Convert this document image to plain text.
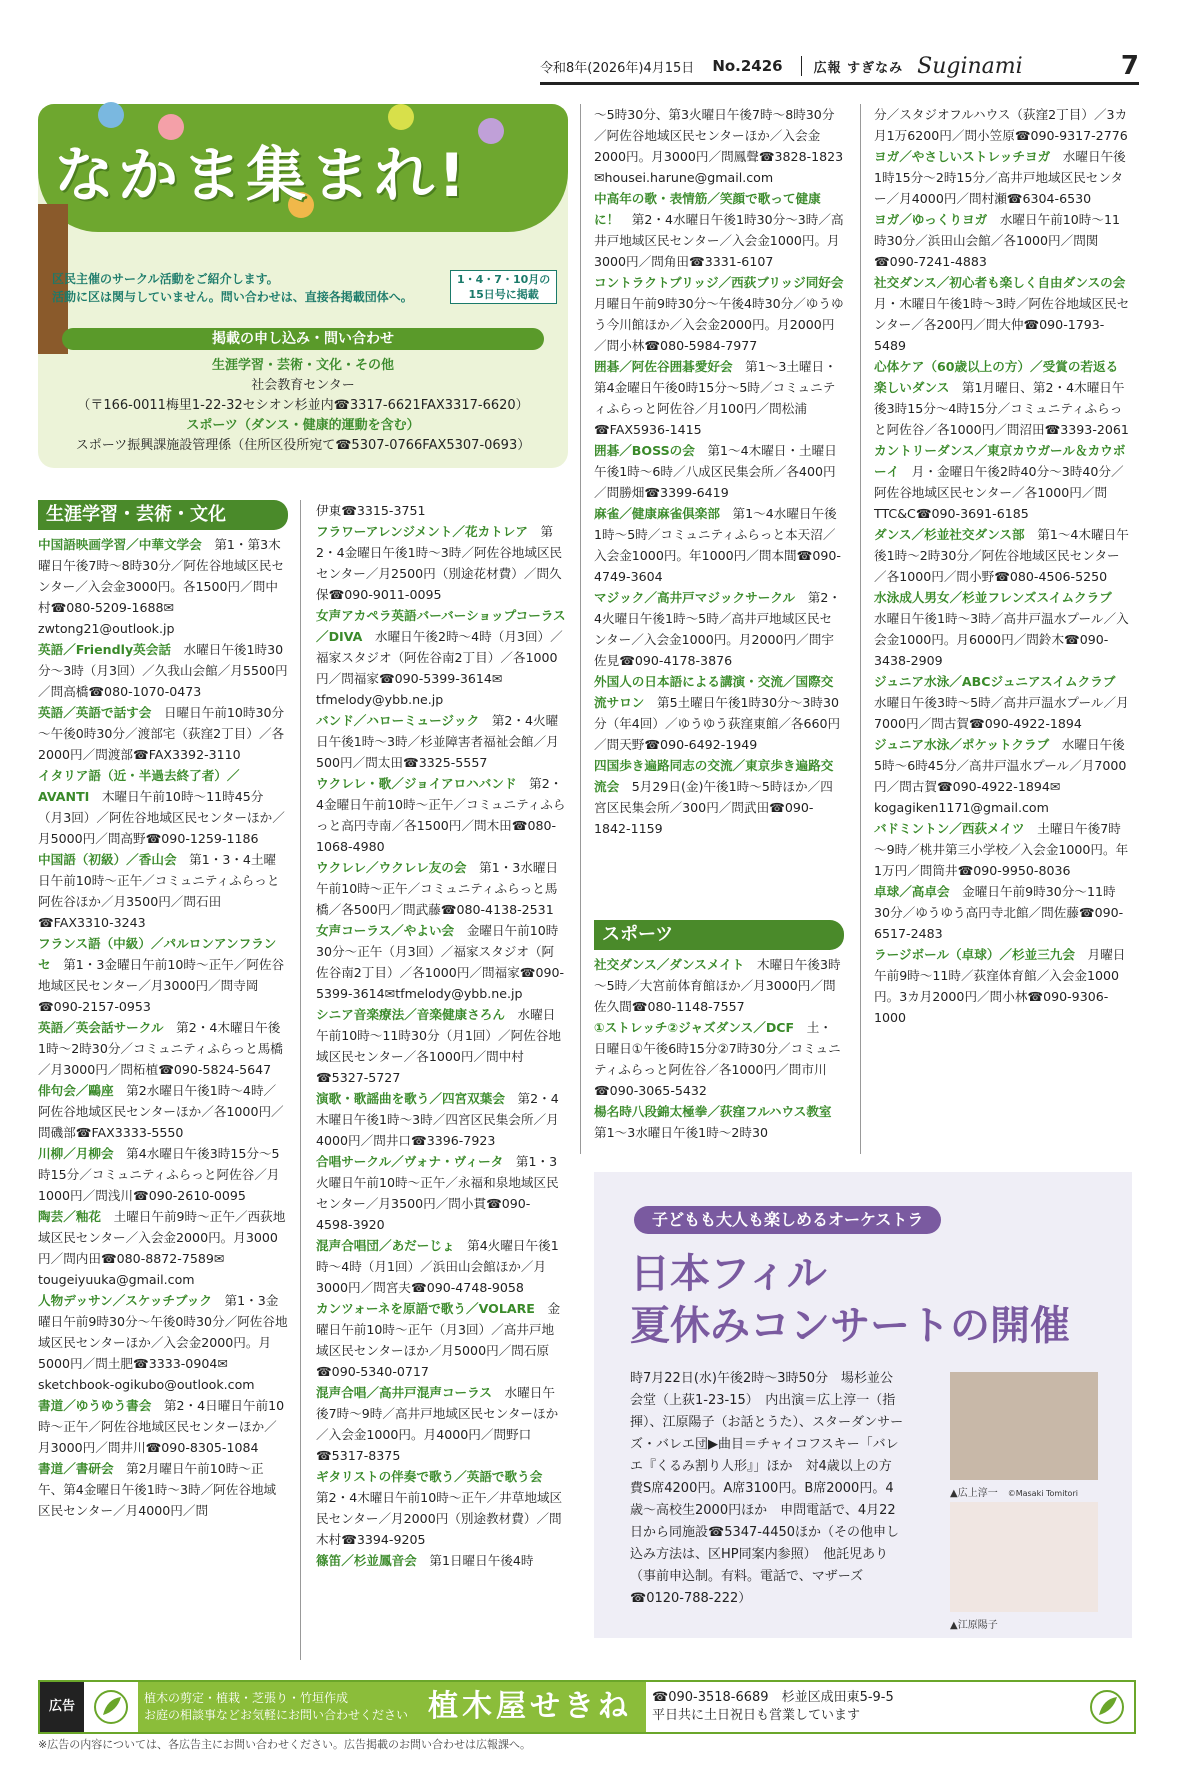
令和8年(2026年)4月15日 No.2426 広報 すぎなみ Suginami	7
なかま集まれ!
区民主催のサークル活動をご紹介します。
活動に区は関与していません。問い合わせは、直接各掲載団体へ。
1・4・7・10月の
15日号に掲載
掲載の申し込み・問い合わせ
生涯学習・芸術・文化・その他
社会教育センター
（〒166-0011梅里1-22-32セシオン杉並内☎3317-6621FAX3317-6620）
スポーツ（ダンス・健康的運動を含む）
スポーツ振興課施設管理係（住所区役所宛て☎5307-0766FAX5307-0693）
生涯学習・芸術・文化
中国語映画学習／中華文学会　第1・第3木曜日午後7時～8時30分／阿佐谷地域区民センター／入会金3000円。各1500円／問中村☎080-5209-1688✉zwtong21@outlook.jp
英語／Friendly英会話　水曜日午後1時30分～3時（月3回）／久我山会館／月5500円／問高橋☎080-1070-0473
英語／英語で話す会　日曜日午前10時30分～午後0時30分／渡部宅（荻窪2丁目）／各2000円／問渡部☎FAX3392-3110
イタリア語（近・半過去終了者）／AVANTI　木曜日午前10時～11時45分（月3回）／阿佐谷地域区民センターほか／月5000円／問高野☎090-1259-1186
中国語（初級）／香山会　第1・3・4土曜日午前10時～正午／コミュニティふらっと阿佐谷ほか／月3500円／問石田☎FAX3310-3243
フランス語（中級）／パルロンアンフランセ　第1・3金曜日午前10時～正午／阿佐谷地域区民センター／月3000円／問寺岡☎090-2157-0953
英語／英会話サークル　第2・4木曜日午後1時～2時30分／コミュニティふらっと馬橋／月3000円／問柘植☎090-5824-5647
俳句会／鷗座　第2水曜日午後1時～4時／阿佐谷地域区民センターほか／各1000円／問磯部☎FAX3333-5550
川柳／月柳会　第4水曜日午後3時15分～5時15分／コミュニティふらっと阿佐谷／月1000円／問浅川☎090-2610-0095
陶芸／釉花　土曜日午前9時～正午／西荻地域区民センター／入会金2000円。月3000円／問内田☎080-8872-7589✉tougeiyuuka@gmail.com
人物デッサン／スケッチブック　第1・3金曜日午前9時30分～午後0時30分／阿佐谷地域区民センターほか／入会金2000円。月5000円／問土肥☎3333-0904✉sketchbook-ogikubo@outlook.com
書道／ゆうゆう書会　第2・4日曜日午前10時～正午／阿佐谷地域区民センターほか／月3000円／問井川☎090-8305-1084
書道／書研会　第2月曜日午前10時～正午、第4金曜日午後1時～3時／阿佐谷地域区民センター／月4000円／問
伊東☎3315-3751
フラワーアレンジメント／花カトレア　第2・4金曜日午後1時～3時／阿佐谷地域区民センター／月2500円（別途花材費）／問久保☎090-9011-0095
女声アカペラ英語バーバーショップコーラス／DIVA　水曜日午後2時～4時（月3回）／福家スタジオ（阿佐谷南2丁目）／各1000円／問福家☎090-5399-3614✉tfmelody@ybb.ne.jp
バンド／ハローミュージック　第2・4火曜日午後1時～3時／杉並障害者福祉会館／月500円／問太田☎3325-5557
ウクレレ・歌／ジョイアロハバンド　第2・4金曜日午前10時～正午／コミュニティふらっと高円寺南／各1500円／問木田☎080-1068-4980
ウクレレ／ウクレレ友の会　第1・3水曜日午前10時～正午／コミュニティふらっと馬橋／各500円／問武藤☎080-4138-2531
女声コーラス／やよい会　金曜日午前10時30分～正午（月3回）／福家スタジオ（阿佐谷南2丁目）／各1000円／問福家☎090-5399-3614✉tfmelody@ybb.ne.jp
シニア音楽療法／音楽健康さろん　水曜日午前10時～11時30分（月1回）／阿佐谷地域区民センター／各1000円／問中村☎5327-5727
演歌・歌謡曲を歌う／四宮双葉会　第2・4木曜日午後1時～3時／四宮区民集会所／月4000円／問井口☎3396-7923
合唱サークル／ヴォナ・ヴィータ　第1・3火曜日午前10時～正午／永福和泉地域区民センター／月3500円／問小貫☎090-4598-3920
混声合唱団／あだーじょ　第4火曜日午後1時～4時（月1回）／浜田山会館ほか／月3000円／問宮夫☎090-4748-9058
カンツォーネを原語で歌う／VOLARE　金曜日午前10時～正午（月3回）／高井戸地域区民センターほか／月5000円／問石原☎090-5340-0717
混声合唱／高井戸混声コーラス　水曜日午後7時～9時／高井戸地域区民センターほか／入会金1000円。月4000円／問野口☎5317-8375
ギタリストの伴奏で歌う／英語で歌う会　第2・4木曜日午前10時～正午／井草地域区民センター／月2000円（別途教材費）／問木村☎3394-9205
篠笛／杉並鳳音会　第1日曜日午後4時
～5時30分、第3火曜日午後7時～8時30分／阿佐谷地域区民センターほか／入会金2000円。月3000円／問鳳聲☎3828-1823✉housei.harune@gmail.com
中高年の歌・表情筋／笑顔で歌って健康に！　第2・4水曜日午後1時30分～3時／高井戸地域区民センター／入会金1000円。月3000円／問角田☎3331-6107
コントラクトブリッジ／西荻ブリッジ同好会　月曜日午前9時30分～午後4時30分／ゆうゆう今川館ほか／入会金2000円。月2000円／問小林☎080-5984-7977
囲碁／阿佐谷囲碁愛好会　第1～3土曜日・第4金曜日午後0時15分～5時／コミュニティふらっと阿佐谷／月100円／問松浦☎FAX5936-1415
囲碁／BOSSの会　第1～4木曜日・土曜日午後1時～6時／八成区民集会所／各400円／問勝畑☎3399-6419
麻雀／健康麻雀倶楽部　第1～4水曜日午後1時～5時／コミュニティふらっと本天沼／入会金1000円。年1000円／問本間☎090-4749-3604
マジック／高井戸マジックサークル　第2・4火曜日午後1時～5時／高井戸地域区民センター／入会金1000円。月2000円／問宇佐見☎090-4178-3876
外国人の日本語による講演・交流／国際交流サロン　第5土曜日午後1時30分～3時30分（年4回）／ゆうゆう荻窪東館／各660円／問天野☎090-6492-1949
四国歩き遍路同志の交流／東京歩き遍路交流会　5月29日(金)午後1時～5時ほか／四宮区民集会所／300円／問武田☎090-1842-1159
スポーツ
社交ダンス／ダンスメイト　木曜日午後3時～5時／大宮前体育館ほか／月3000円／問佐久間☎080-1148-7557
①ストレッチ②ジャズダンス／DCF　土・日曜日①午後6時15分②7時30分／コミュニティふらっと阿佐谷／各1000円／問市川☎090-3065-5432
楊名時八段錦太極拳／荻窪フルハウス教室　第1～3水曜日午後1時～2時30
分／スタジオフルハウス（荻窪2丁目）／3カ月1万6200円／問小笠原☎090-9317-2776
ヨガ／やさしいストレッチヨガ　水曜日午後1時15分～2時15分／高井戸地域区民センター／月4000円／問村瀬☎6304-6530
ヨガ／ゆっくりヨガ　水曜日午前10時～11時30分／浜田山会館／各1000円／問関☎090-7241-4883
社交ダンス／初心者も楽しく自由ダンスの会　月・木曜日午後1時～3時／阿佐谷地域区民センター／各200円／問大仲☎090-1793-5489
心体ケア（60歳以上の方）／受賞の若返る楽しいダンス　第1月曜日、第2・4木曜日午後3時15分～4時15分／コミュニティふらっと阿佐谷／各1000円／問沼田☎3393-2061
カントリーダンス／東京カウガール＆カウボーイ　月・金曜日午後2時40分～3時40分／阿佐谷地域区民センター／各1000円／問TTC&C☎090-3691-6185
ダンス／杉並社交ダンス部　第1～4木曜日午後1時～2時30分／阿佐谷地域区民センター／各1000円／問小野☎080-4506-5250
水泳成人男女／杉並フレンズスイムクラブ　水曜日午後1時～3時／高井戸温水プール／入会金1000円。月6000円／問鈴木☎090-3438-2909
ジュニア水泳／ABCジュニアスイムクラブ　水曜日午後3時～5時／高井戸温水プール／月7000円／問古賀☎090-4922-1894
ジュニア水泳／ポケットクラブ　水曜日午後5時～6時45分／高井戸温水プール／月7000円／問古賀☎090-4922-1894✉kogagiken1171@gmail.com
バドミントン／西荻メイツ　土曜日午後7時～9時／桃井第三小学校／入会金1000円。年1万円／問筒井☎090-9950-8036
卓球／高卓会　金曜日午前9時30分～11時30分／ゆうゆう高円寺北館／問佐藤☎090-6517-2483
ラージボール（卓球）／杉並三九会　月曜日午前9時～11時／荻窪体育館／入会金1000円。3カ月2000円／問小林☎090-9306-1000
子どもも大人も楽しめるオーケストラ
日本フィル
夏休みコンサートの開催
時7月22日(水)午後2時～3時50分　場杉並公会堂（上荻1-23-15）　内出演＝広上淳一（指揮）、江原陽子（お話とうた）、スターダンサーズ・バレエ団▶曲目＝チャイコフスキー「バレエ『くるみ割り人形』」ほか　対4歳以上の方　費S席4200円。A席3100円。B席2000円。4歳～高校生2000円ほか　申問電話で、4月22日から同施設☎5347-4450ほか（その他申し込み方法は、区HP同案内参照）　他託児あり（事前申込制。有料。電話で、マザーズ☎0120-788-222）
▲広上淳一　 ©Masaki Tomitori
▲江原陽子
広告
植木の剪定・植栽・芝張り・竹垣作成
お庭の相談事などお気軽にお問い合わせください 植木屋せきね	☎090-3518-6689　杉並区成田東5-9-5
平日共に土日祝日も営業しています
※広告の内容については、各広告主にお問い合わせください。広告掲載のお問い合わせは広報課へ。
